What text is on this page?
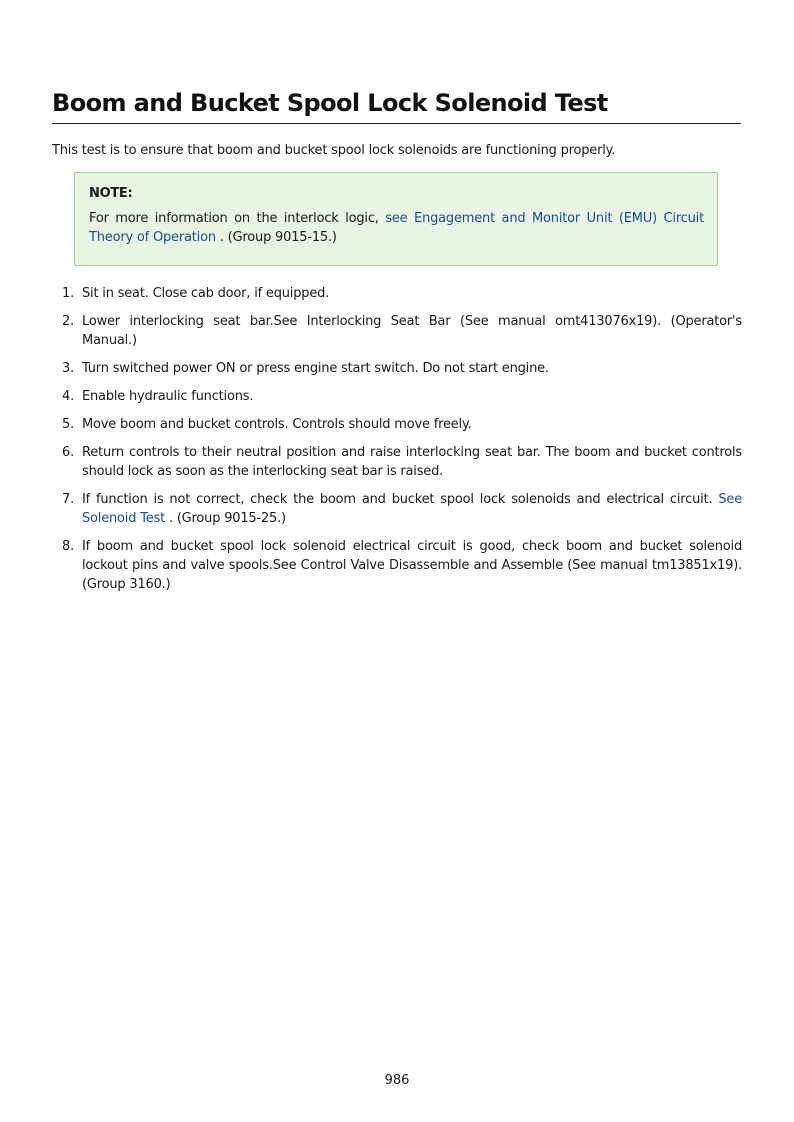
Boom and Bucket Spool Lock Solenoid Test

This test is to ensure that boom and bucket spool lock solenoids are functioning properly.

NOTE:
For more information on the interlock logic, see Engagement and Monitor Unit (EMU) Circuit Theory of Operation . (Group 9015-15.)
1. Sit in seat. Close cab door, if equipped.
2. Lower interlocking seat bar.See Interlocking Seat Bar (See manual omt413076x19). (Operator's Manual.)
3. Turn switched power ON or press engine start switch. Do not start engine.
4. Enable hydraulic functions.
5. Move boom and bucket controls. Controls should move freely.
6. Return controls to their neutral position and raise interlocking seat bar. The boom and bucket controls should lock as soon as the interlocking seat bar is raised.
7. If function is not correct, check the boom and bucket spool lock solenoids and electrical circuit. See Solenoid Test . (Group 9015-25.)
8. If boom and bucket spool lock solenoid electrical circuit is good, check boom and bucket solenoid lockout pins and valve spools.See Control Valve Disassemble and Assemble (See manual tm13851x19). (Group 3160.)
986
